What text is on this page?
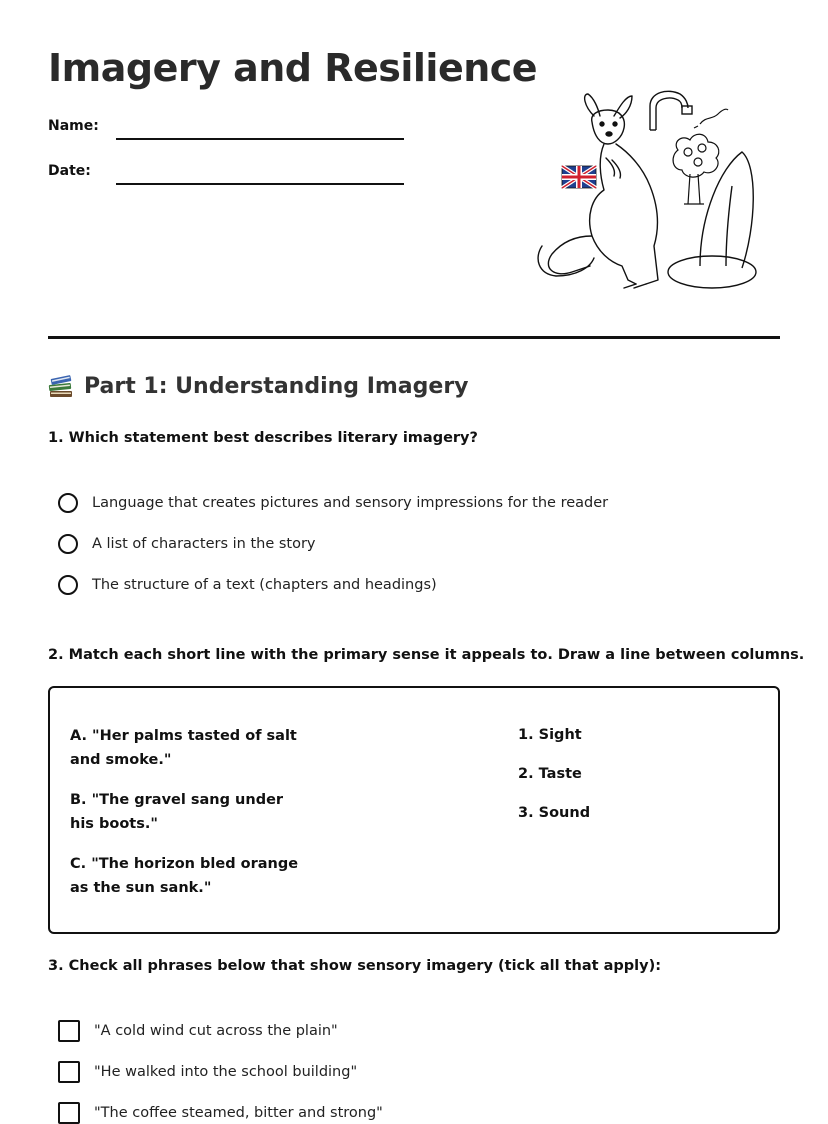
Imagery and Resilience
Name:
Date:
Part 1: Understanding Imagery

1. Which statement best describes literary imagery?

Language that creates pictures and sensory impressions for the reader
A list of characters in the story
The structure of a text (chapters and headings)

2. Match each short line with the primary sense it appeals to. Draw a line between columns.

A. "Her palms tasted of salt and smoke."
B. "The gravel sang under his boots."
C. "The horizon bled orange as the sun sank."
1. Sight
2. Taste
3. Sound

3. Check all phrases below that show sensory imagery (tick all that apply):

"A cold wind cut across the plain"
"He walked into the school building"
"The coffee steamed, bitter and strong"
